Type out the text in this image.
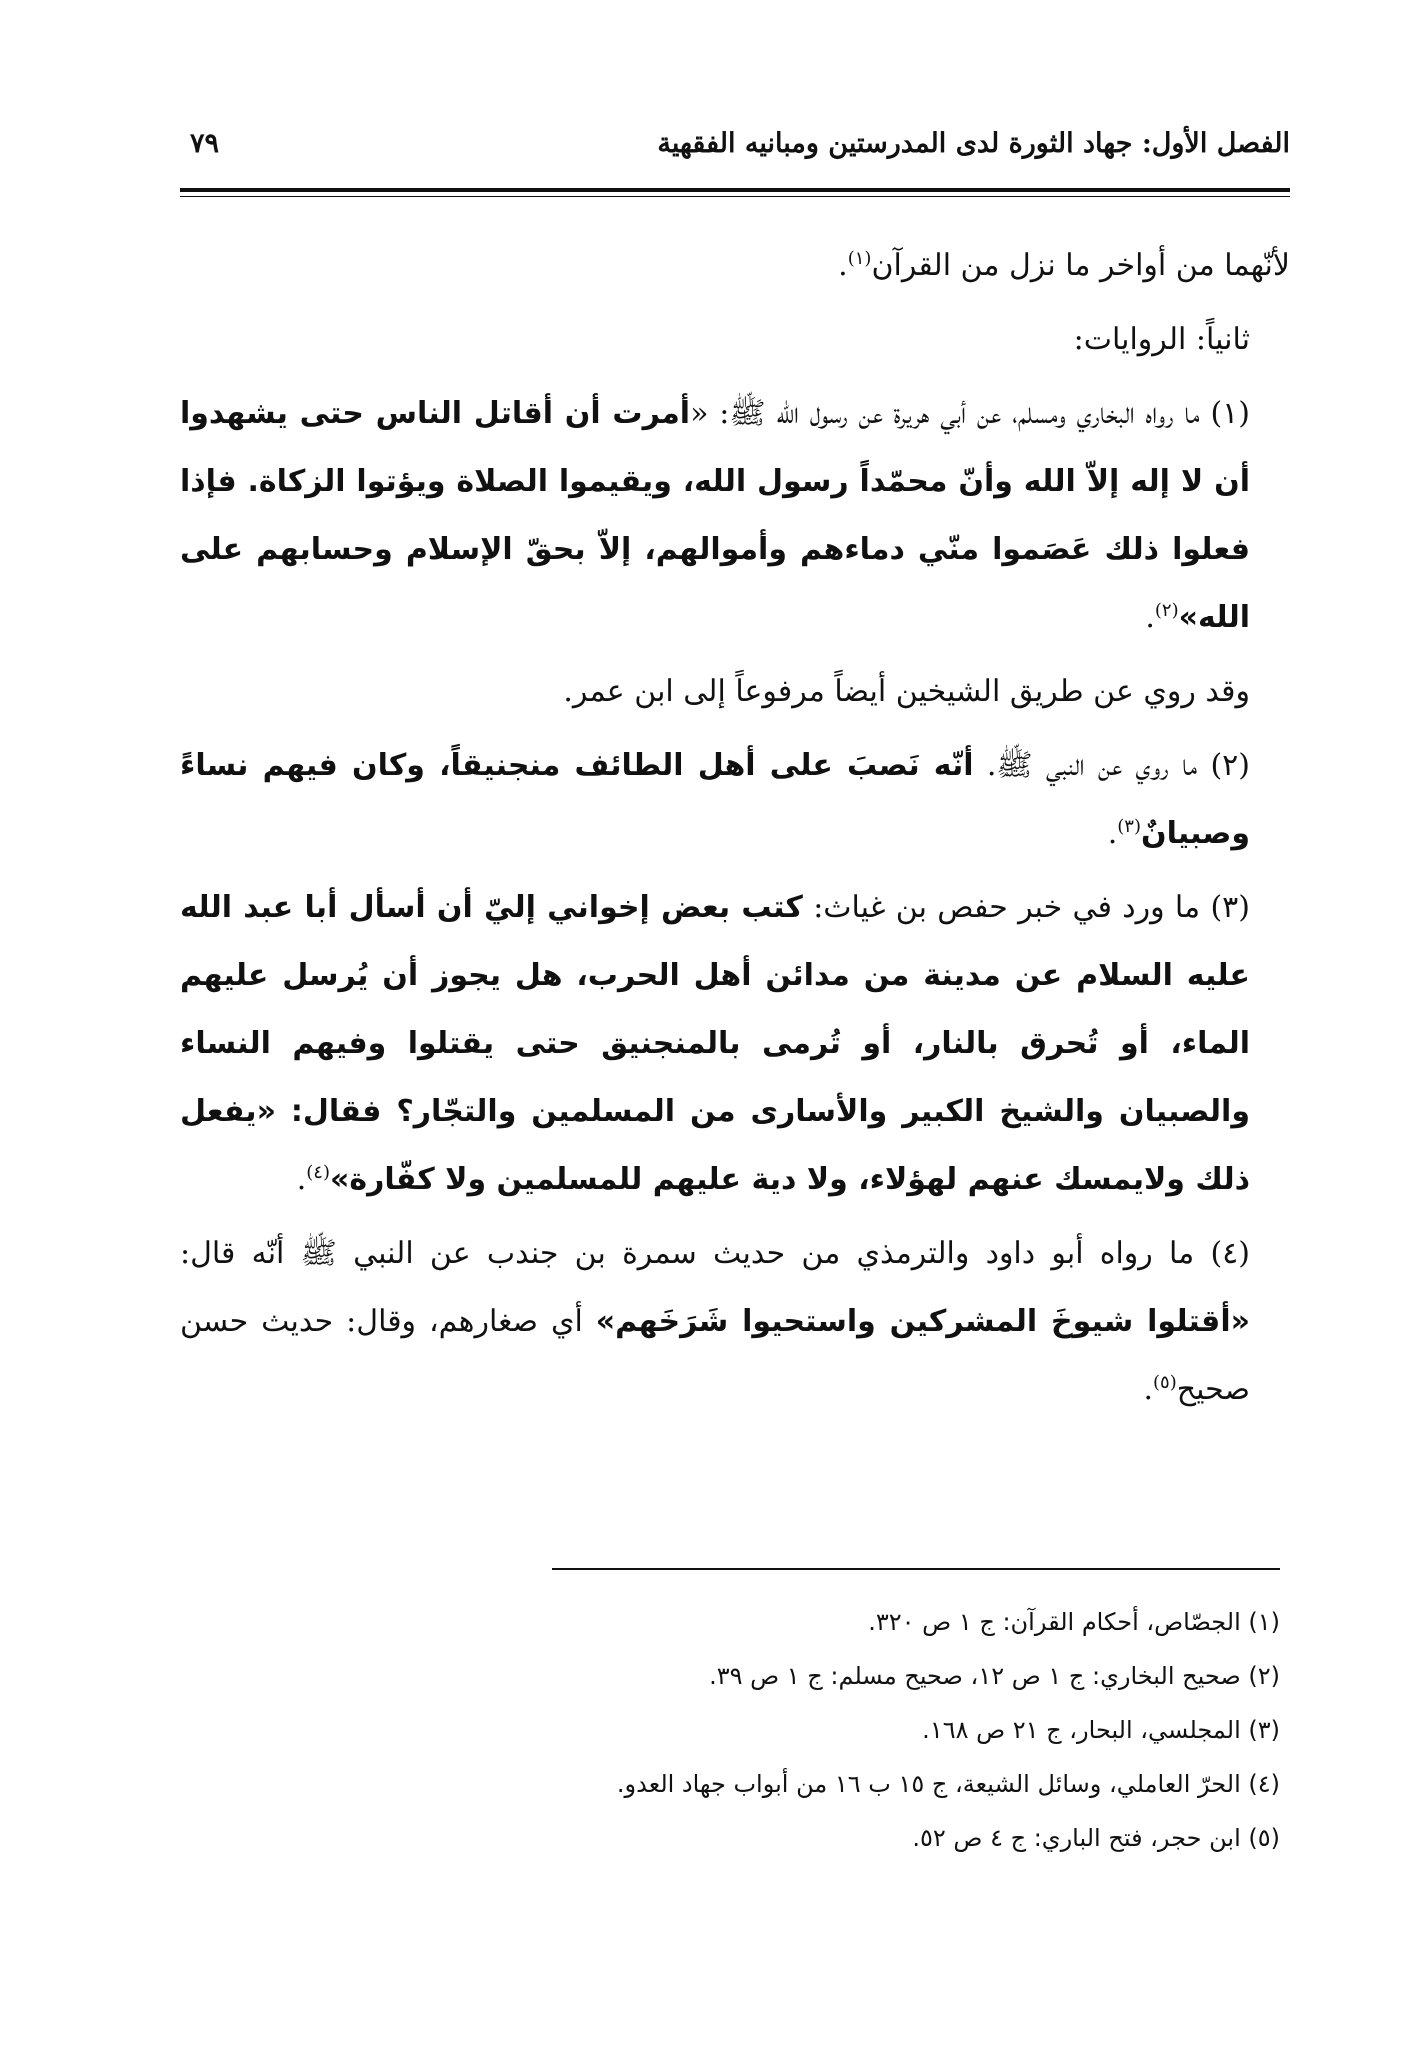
الفصل الأول: جهاد الثورة لدى المدرستين ومبانيه الفقهية
٧٩

لأنّهما من أواخر ما نزل من القرآن$^{(١)}$.

ثانياً: الروايات:

(١) ما رواه البخاري ومسلم، عن أبي هريرة عن رسول الله ﷺ: «أمرت أن أقاتل الناس حتى يشهدوا أن لا إله إلاّ الله وأنّ محمّداً رسول الله، ويقيموا الصلاة ويؤتوا الزكاة. فإذا فعلوا ذلك عَصَموا منّي دماءهم وأموالهم، إلاّ بحقّ الإسلام وحسابهم على الله»$^{(٢)}$.

وقد روي عن طريق الشيخين أيضاً مرفوعاً إلى ابن عمر.

(٢) ما روي عن النبي ﷺ. أنّه نَصبَ على أهل الطائف منجنيقاً، وكان فيهم نساءً وصبيانٌ$^{(٣)}$.

(٣) ما ورد في خبر حفص بن غياث: كتب بعض إخواني إليّ أن أسأل أبا عبد الله عليه السلام عن مدينة من مدائن أهل الحرب، هل يجوز أن يُرسل عليهم الماء، أو تُحرق بالنار، أو تُرمى بالمنجنيق حتى يقتلوا وفيهم النساء والصبيان والشيخ الكبير والأسارى من المسلمين والتجّار؟ فقال: «يفعل ذلك ولايمسك عنهم لهؤلاء، ولا دية عليهم للمسلمين ولا كفّارة»$^{(٤)}$.

(٤) ما رواه أبو داود والترمذي من حديث سمرة بن جندب عن النبي ﷺ أنّه قال: «أقتلوا شيوخَ المشركين واستحيوا شَرَخَهم» أي صغارهم، وقال: حديث حسن صحيح$^{(٥)}$.

(١) الجصّاص، أحكام القرآن: ج ١ ص ٣٢٠.
(٢) صحيح البخاري: ج ١ ص ١٢، صحيح مسلم: ج ١ ص ٣٩.
(٣) المجلسي، البحار، ج ٢١ ص ١٦٨.
(٤) الحرّ العاملي، وسائل الشيعة، ج ١٥ ب ١٦ من أبواب جهاد العدو.
(٥) ابن حجر، فتح الباري: ج ٤ ص ٥٢.
